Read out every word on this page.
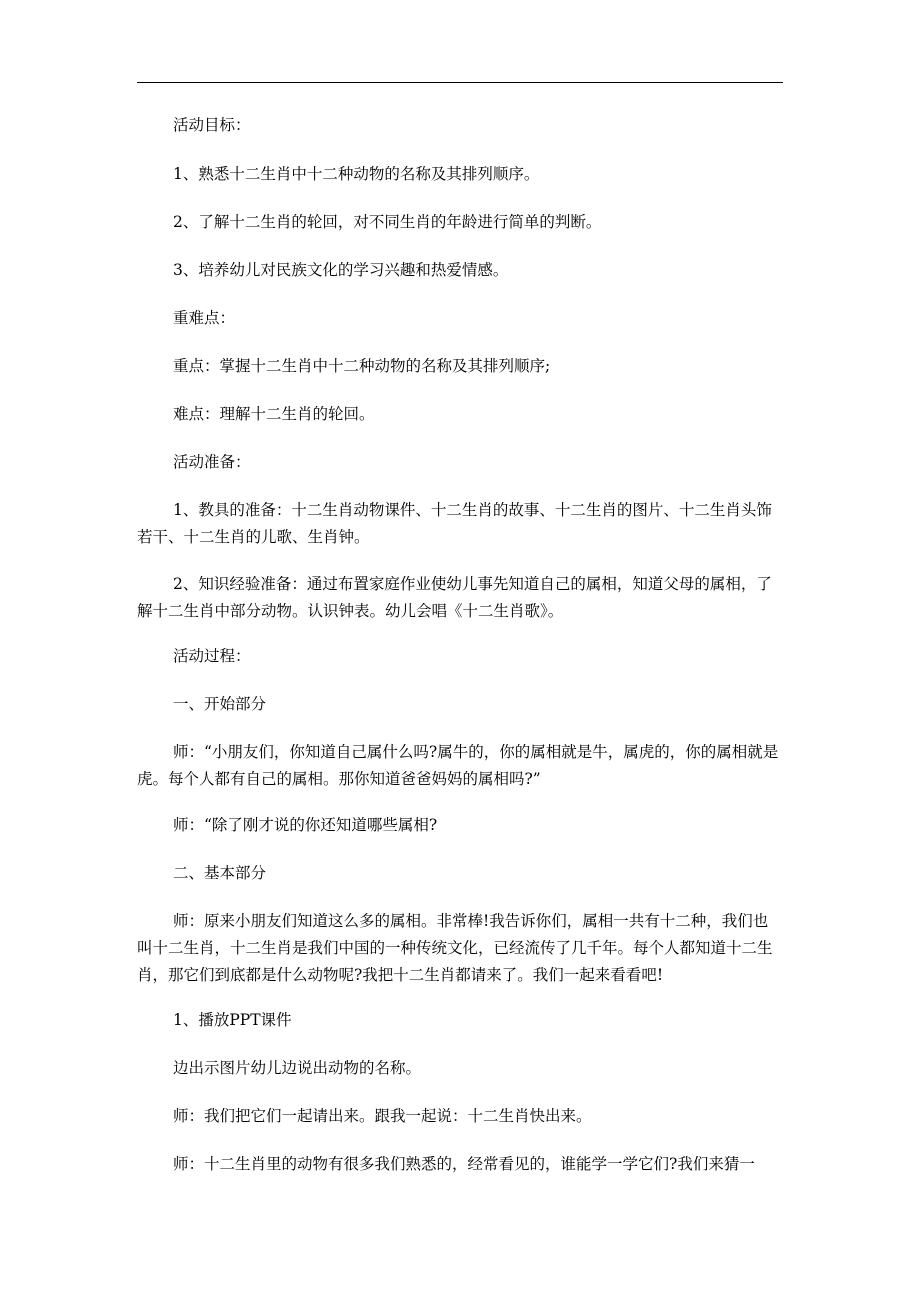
活动目标：
1、熟悉十二生肖中十二种动物的名称及其排列顺序。
2、了解十二生肖的轮回，对不同生肖的年龄进行简单的判断。
3、培养幼儿对民族文化的学习兴趣和热爱情感。
重难点：
重点：掌握十二生肖中十二种动物的名称及其排列顺序;
难点：理解十二生肖的轮回。
活动准备：
1、教具的准备：十二生肖动物课件、十二生肖的故事、十二生肖的图片、十二生肖头饰若干、十二生肖的儿歌、生肖钟。
2、知识经验准备：通过布置家庭作业使幼儿事先知道自己的属相，知道父母的属相，了解十二生肖中部分动物。认识钟表。幼儿会唱《十二生肖歌》。
活动过程：
一、开始部分
师：“小朋友们，你知道自己属什么吗?属牛的，你的属相就是牛，属虎的，你的属相就是虎。每个人都有自己的属相。那你知道爸爸妈妈的属相吗?”
师：“除了刚才说的你还知道哪些属相?
二、基本部分
师：原来小朋友们知道这么多的属相。非常棒!我告诉你们，属相一共有十二种，我们也叫十二生肖，十二生肖是我们中国的一种传统文化，已经流传了几千年。每个人都知道十二生肖，那它们到底都是什么动物呢?我把十二生肖都请来了。我们一起来看看吧!
1、播放PPT课件
边出示图片幼儿边说出动物的名称。
师：我们把它们一起请出来。跟我一起说：十二生肖快出来。
师：十二生肖里的动物有很多我们熟悉的，经常看见的，谁能学一学它们?我们来猜一
